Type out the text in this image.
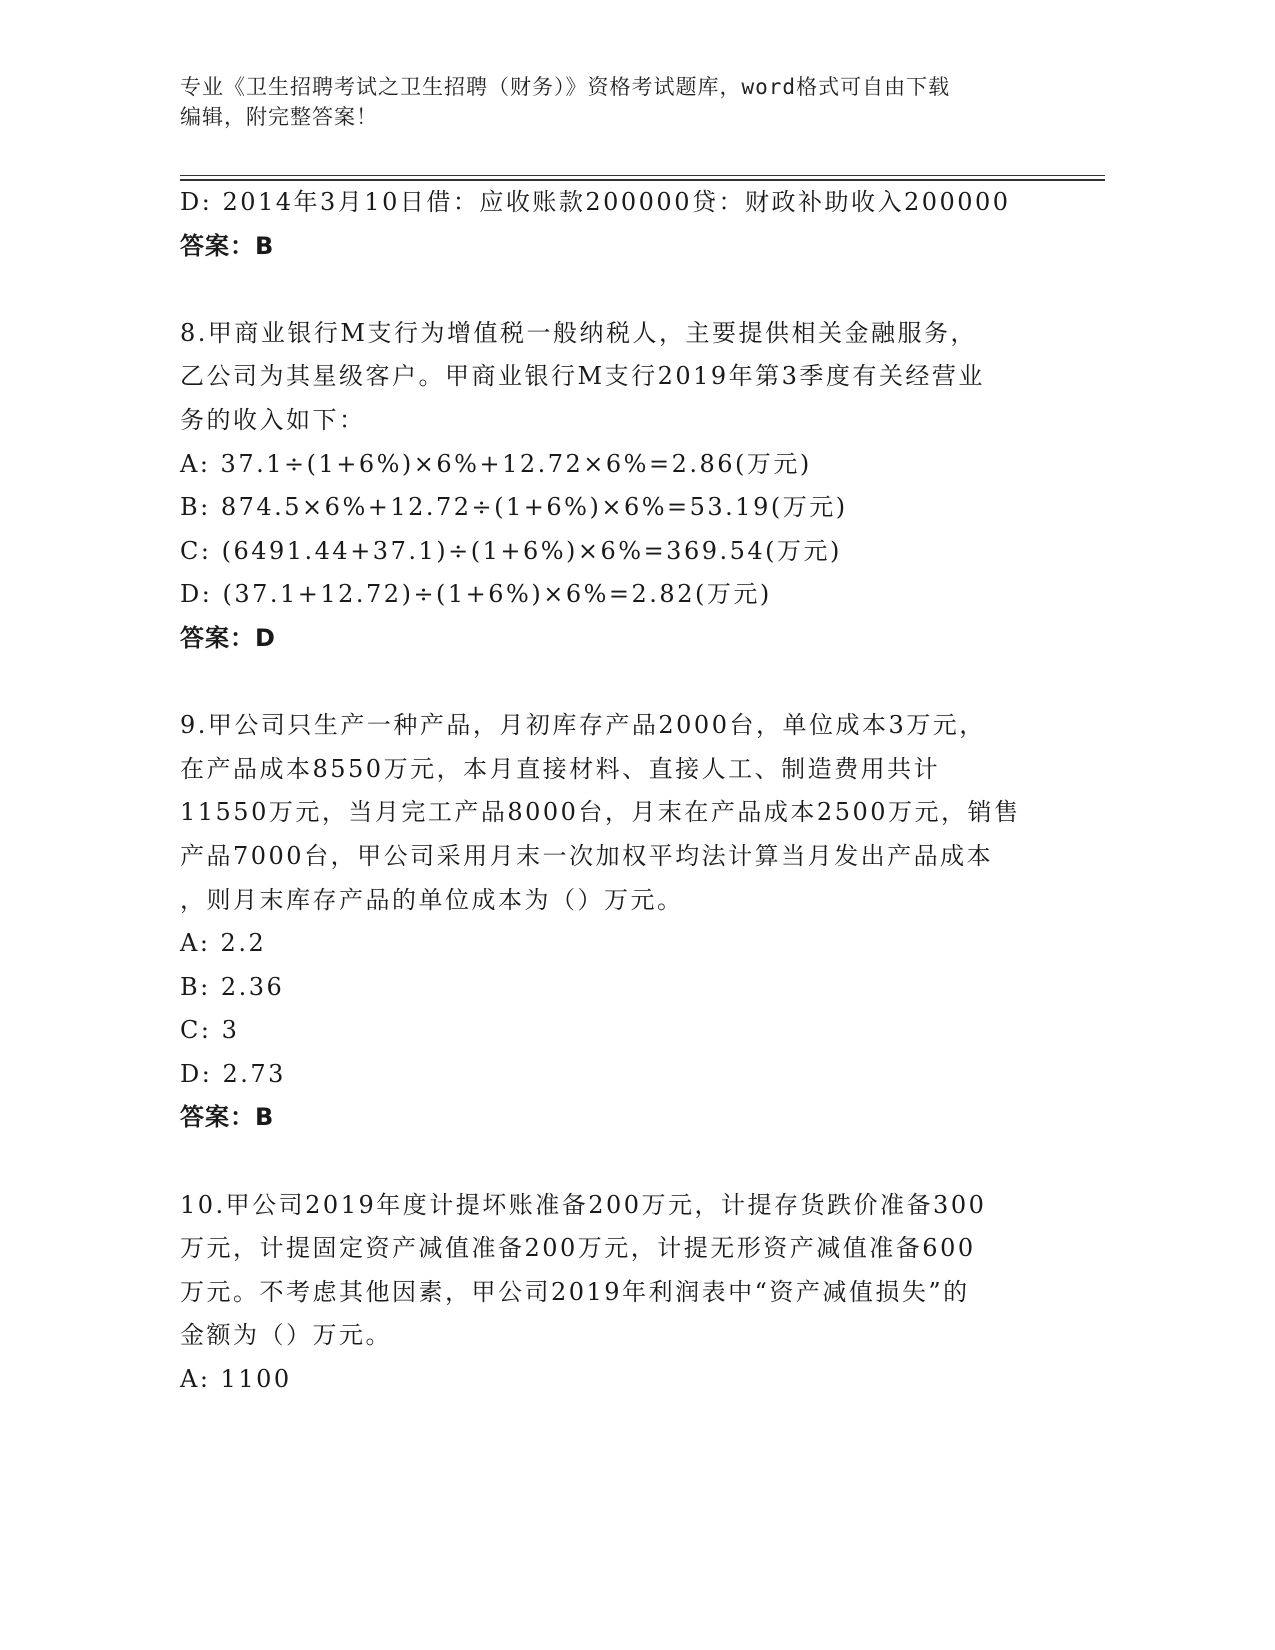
专业《卫生招聘考试之卫生招聘（财务）》资格考试题库，word格式可自由下载
编辑，附完整答案！
D: 2014年3月10日借：应收账款200000贷：财政补助收入200000
答案：B
8.甲商业银行M支行为增值税一般纳税人，主要提供相关金融服务，
乙公司为其星级客户。甲商业银行M支行2019年第3季度有关经营业
务的收入如下：
A: 37.1÷(1+6%)×6%+12.72×6%=2.86(万元)
B: 874.5×6%+12.72÷(1+6%)×6%=53.19(万元)
C: (6491.44+37.1)÷(1+6%)×6%=369.54(万元)
D: (37.1+12.72)÷(1+6%)×6%=2.82(万元)
答案：D
9.甲公司只生产一种产品，月初库存产品2000台，单位成本3万元，
在产品成本8550万元，本月直接材料、直接人工、制造费用共计
11550万元，当月完工产品8000台，月末在产品成本2500万元，销售
产品7000台，甲公司采用月末一次加权平均法计算当月发出产品成本
，则月末库存产品的单位成本为（）万元。
A: 2.2
B: 2.36
C: 3
D: 2.73
答案：B
10.甲公司2019年度计提坏账准备200万元，计提存货跌价准备300
万元，计提固定资产减值准备200万元，计提无形资产减值准备600
万元。不考虑其他因素，甲公司2019年利润表中“资产减值损失”的
金额为（）万元。
A: 1100
